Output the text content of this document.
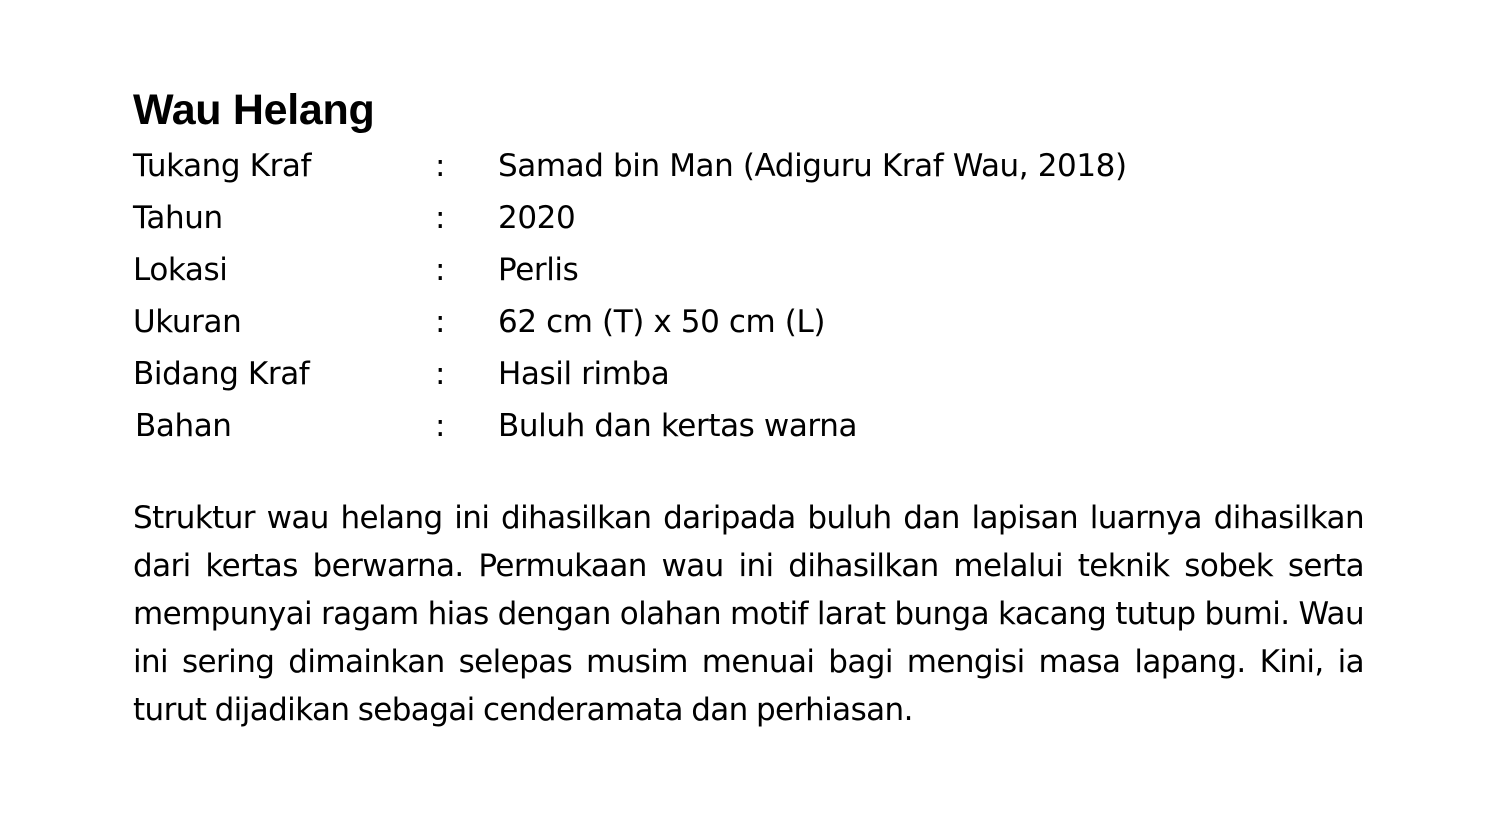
Wau Helang
Tukang Kraf	:	Samad bin Man (Adiguru Kraf Wau, 2018)
Tahun	:	2020
Lokasi	:	Perlis
Ukuran	:	62 cm (T) x 50 cm (L)
Bidang Kraf	:	Hasil rimba
Bahan	:	Buluh dan kertas warna

Struktur wau helang ini dihasilkan daripada buluh dan lapisan luarnya dihasilkan dari kertas berwarna. Permukaan wau ini dihasilkan melalui teknik sobek serta mempunyai ragam hias dengan olahan motif larat bunga kacang tutup bumi. Wau ini sering dimainkan selepas musim menuai bagi mengisi masa lapang. Kini, ia turut dijadikan sebagai cenderamata dan perhiasan.
